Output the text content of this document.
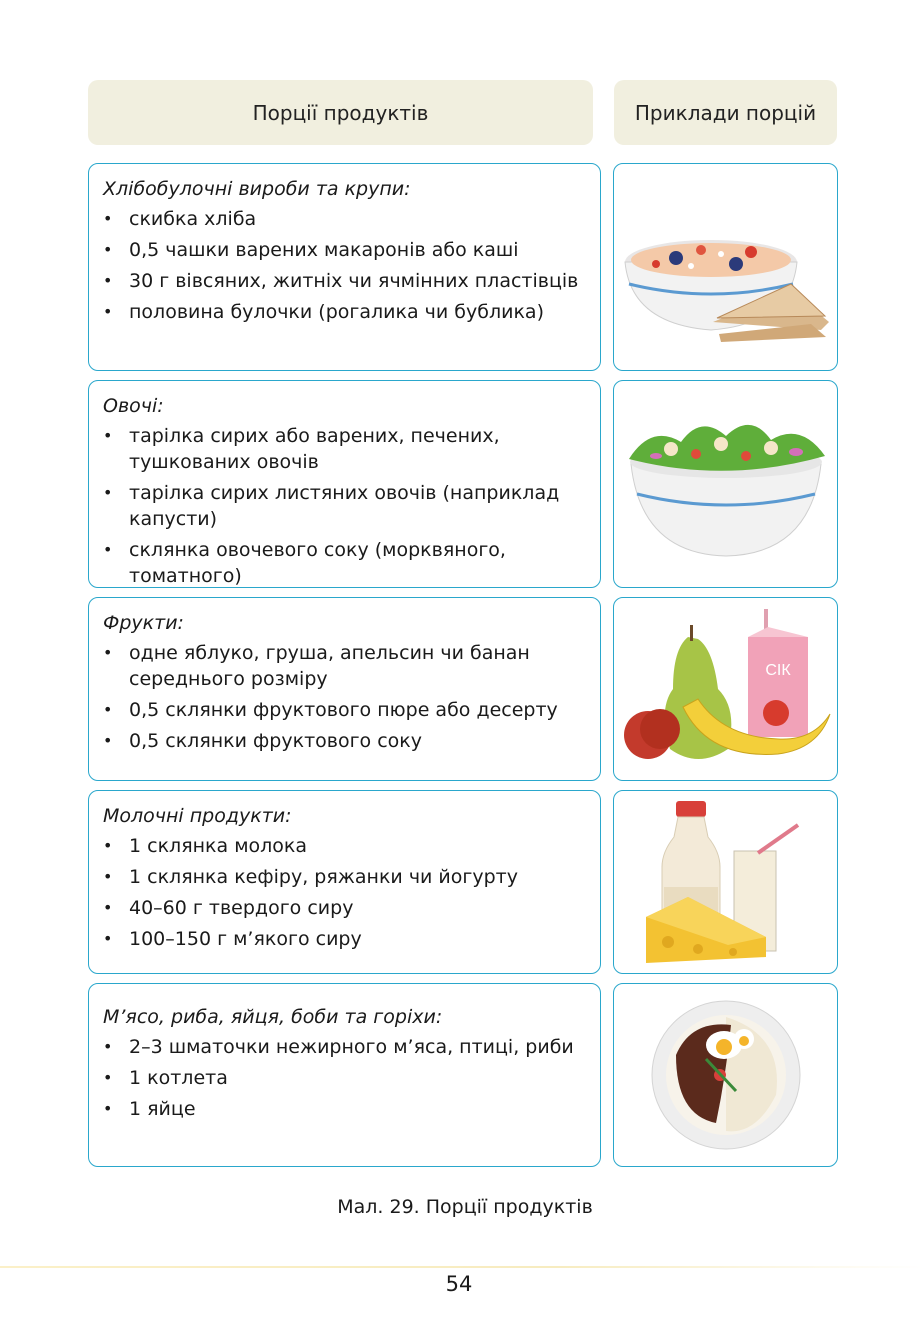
Порції продуктів	Приклади порцій
Хлібобулочні вироби та крупи:
• скибка хліба
• 0,5 чашки варених макаронів або каші
• 30 г вівсяних, житніх чи ячмінних пластівців
• половина булочки (рогалика чи бублика)
Овочі:
• тарілка сирих або варених, печених, тушкованих овочів
• тарілка сирих листяних овочів (наприклад капусти)
• склянка овочевого соку (морквяного, томатного)
Фрукти:
• одне яблуко, груша, апельсин чи банан середнього розміру
• 0,5 склянки фруктового пюре або десерту
• 0,5 склянки фруктового соку
СІК
Молочні продукти:
• 1 склянка молока
• 1 склянка кефіру, ряжанки чи йогурту
• 40–60 г твердого сиру
• 100–150 г м’якого сиру
М’ясо, риба, яйця, боби та горіхи:
• 2–3 шматочки нежирного м’яса, птиці, риби
• 1 котлета
• 1 яйце
Мал. 29. Порції продуктів
54
